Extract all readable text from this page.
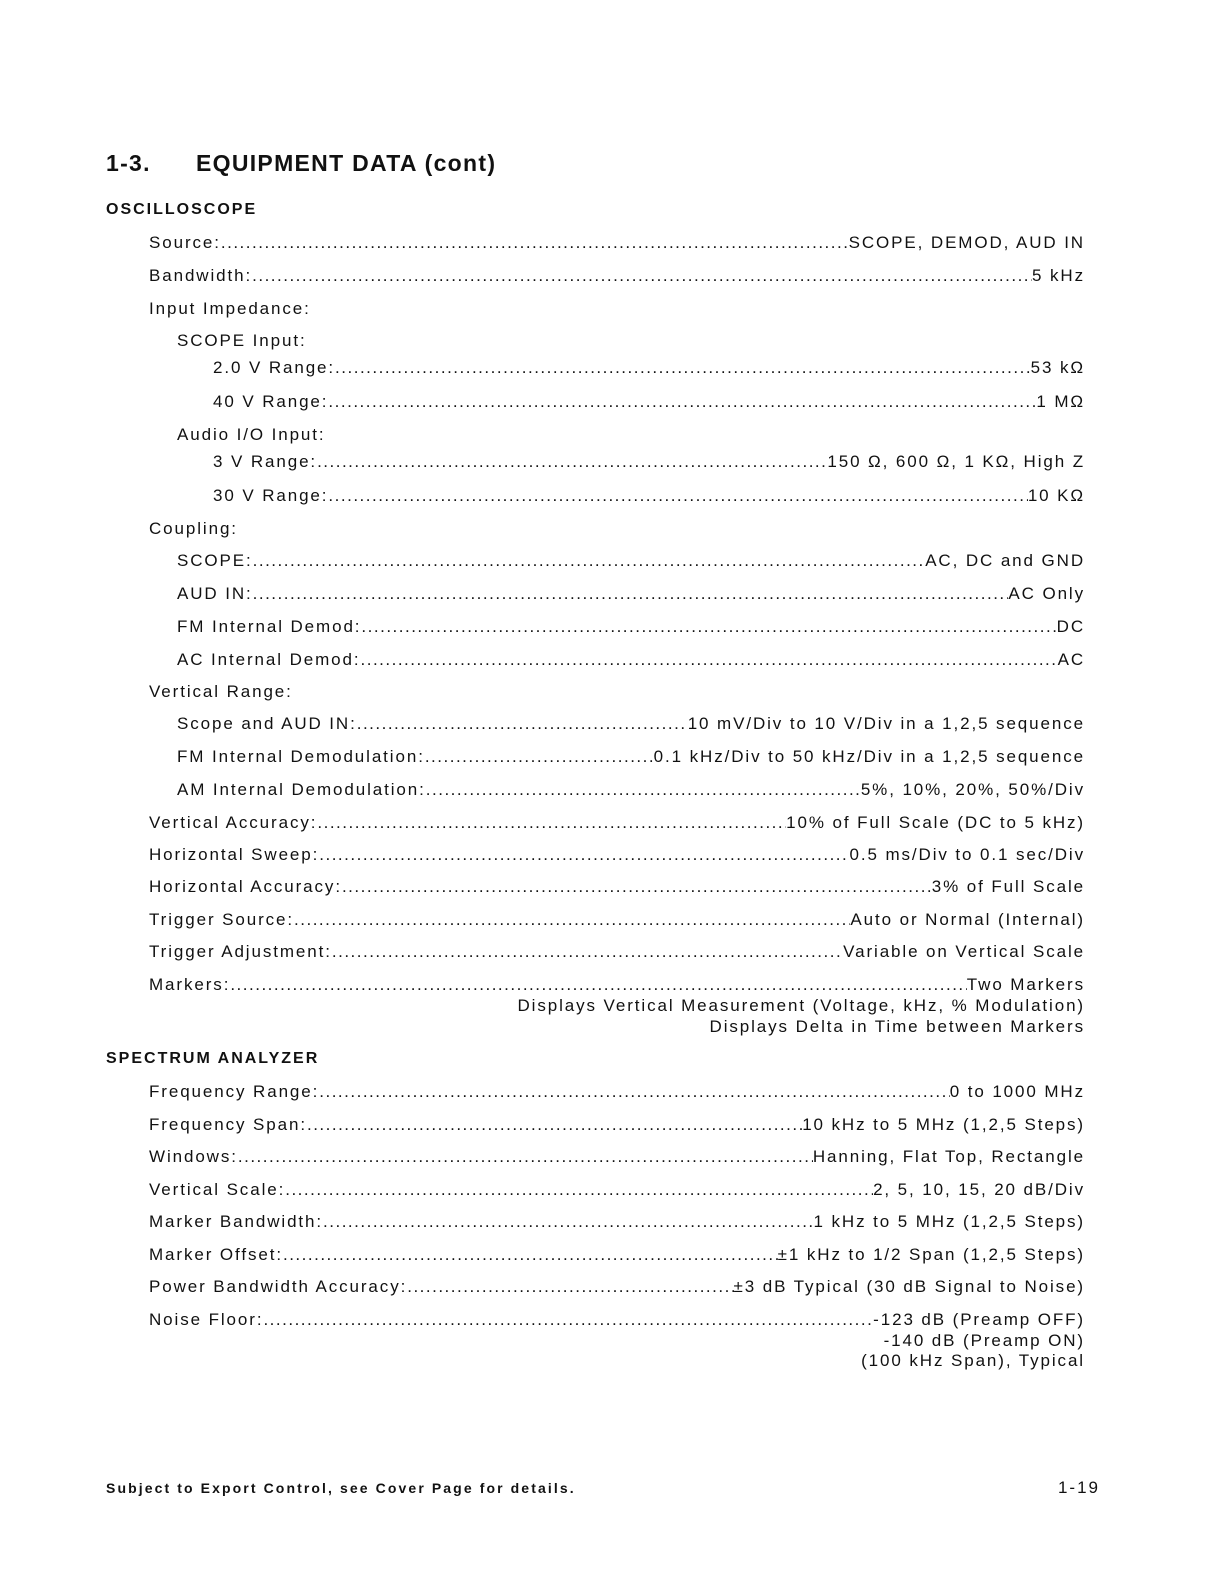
1-3. EQUIPMENT DATA (cont)
OSCILLOSCOPE
Source: .....	SCOPE, DEMOD, AUD IN
Bandwidth: .....	5 kHz
Input Impedance:
SCOPE Input:
2.0 V Range: .....	53 kΩ
40 V Range: .....	1 MΩ
Audio I/O Input:
3 V Range: .....	150 Ω, 600 Ω, 1 KΩ, High Z
30 V Range: .....	10 KΩ
Coupling:
SCOPE: .....	AC, DC and GND
AUD IN: .....	AC Only
FM Internal Demod: .....	DC
AC Internal Demod: .....	AC
Vertical Range:
Scope and AUD IN: .....	10 mV/Div to 10 V/Div in a 1,2,5 sequence
FM Internal Demodulation: .....	0.1 kHz/Div to 50 kHz/Div in a 1,2,5 sequence
AM Internal Demodulation: .....	5%, 10%, 20%, 50%/Div
Vertical Accuracy: .....	10% of Full Scale (DC to 5 kHz)
Horizontal Sweep: .....	0.5 ms/Div to 0.1 sec/Div
Horizontal Accuracy: .....	3% of Full Scale
Trigger Source: .....	Auto or Normal (Internal)
Trigger Adjustment: .....	Variable on Vertical Scale
Markers: .....	Two Markers
Displays Vertical Measurement (Voltage, kHz, % Modulation)
Displays Delta in Time between Markers
SPECTRUM ANALYZER
Frequency Range: .....	0 to 1000 MHz
Frequency Span: .....	10 kHz to 5 MHz (1,2,5 Steps)
Windows: .....	Hanning, Flat Top, Rectangle
Vertical Scale: .....	2, 5, 10, 15, 20 dB/Div
Marker Bandwidth: .....	1 kHz to 5 MHz (1,2,5 Steps)
Marker Offset: .....	±1 kHz to 1/2 Span (1,2,5 Steps)
Power Bandwidth Accuracy: .....	±3 dB Typical (30 dB Signal to Noise)
Noise Floor: .....	-123 dB (Preamp OFF)
-140 dB (Preamp ON)
(100 kHz Span), Typical
Subject to Export Control, see Cover Page for details.	1-19
